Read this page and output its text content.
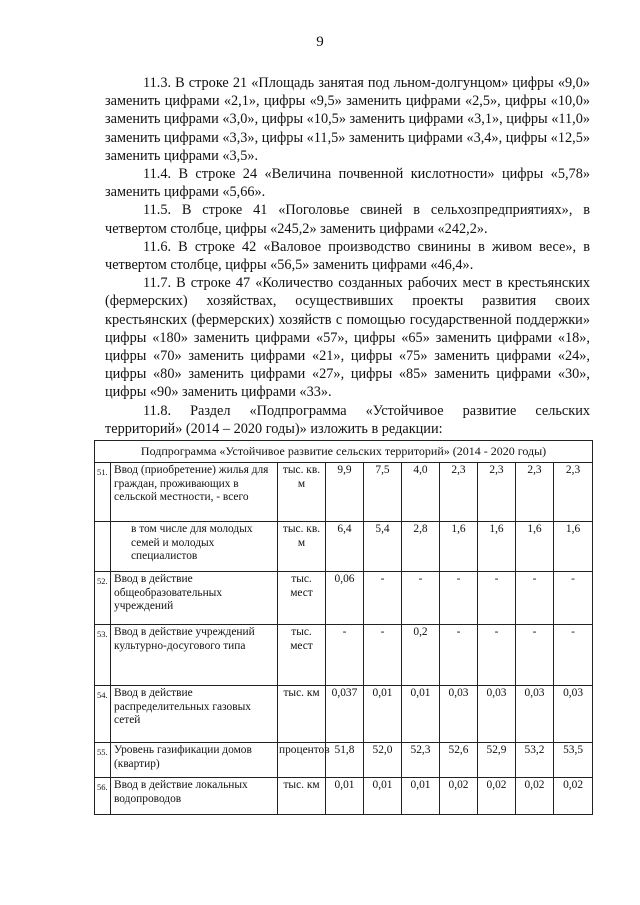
9

11.3. В строке 21 «Площадь занятая под льном-долгунцом» цифры «9,0» заменить цифрами «2,1», цифры «9,5» заменить цифрами «2,5», цифры «10,0» заменить цифрами «3,0», цифры «10,5» заменить цифрами «3,1», цифры «11,0» заменить цифрами «3,3», цифры «11,5» заменить цифрами «3,4», цифры «12,5» заменить цифрами «3,5».

11.4. В строке 24 «Величина почвенной кислотности» цифры «5,78» заменить цифрами «5,66».

11.5. В строке 41 «Поголовье свиней в сельхозпредприятиях», в четвертом столбце, цифры «245,2» заменить цифрами «242,2».

11.6. В строке 42 «Валовое производство свинины в живом весе», в четвертом столбце, цифры «56,5» заменить цифрами «46,4».

11.7. В строке 47 «Количество созданных рабочих мест в крестьянских (фермерских) хозяйствах, осуществивших проекты развития своих крестьянских (фермерских) хозяйств с помощью государственной поддержки» цифры «180» заменить цифрами «57», цифры «65» заменить цифрами «18», цифры «70» заменить цифрами «21», цифры «75» заменить цифрами «24», цифры «80» заменить цифрами «27», цифры «85» заменить цифрами «30», цифры «90» заменить цифрами «33».

11.8. Раздел «Подпрограмма «Устойчивое развитие сельских территорий» (2014 – 2020 годы)» изложить в редакции:

Подпрограмма «Устойчивое развитие сельских территорий» (2014 - 2020 годы)									
51.	Ввод (приобретение) жилья для граждан, проживающих в сельской местности, - всего	тыс. кв. м	9,9	7,5	4,0	2,3	2,3	2,3	2,3
	в том числе для молодых семей и молодых специалистов	тыс. кв. м	6,4	5,4	2,8	1,6	1,6	1,6	1,6
52.	Ввод в действие общеобразовательных учреждений	тыс. мест	0,06	-	-	-	-	-	-
53.	Ввод в действие учреждений культурно-досугового типа	тыс. мест	-	-	0,2	-	-	-	-
54.	Ввод в действие распределительных газовых сетей	тыс. км	0,037	0,01	0,01	0,03	0,03	0,03	0,03
55.	Уровень газификации домов (квартир)	процентов	51,8	52,0	52,3	52,6	52,9	53,2	53,5
56.	Ввод в действие локальных водопроводов	тыс. км	0,01	0,01	0,01	0,02	0,02	0,02	0,02
